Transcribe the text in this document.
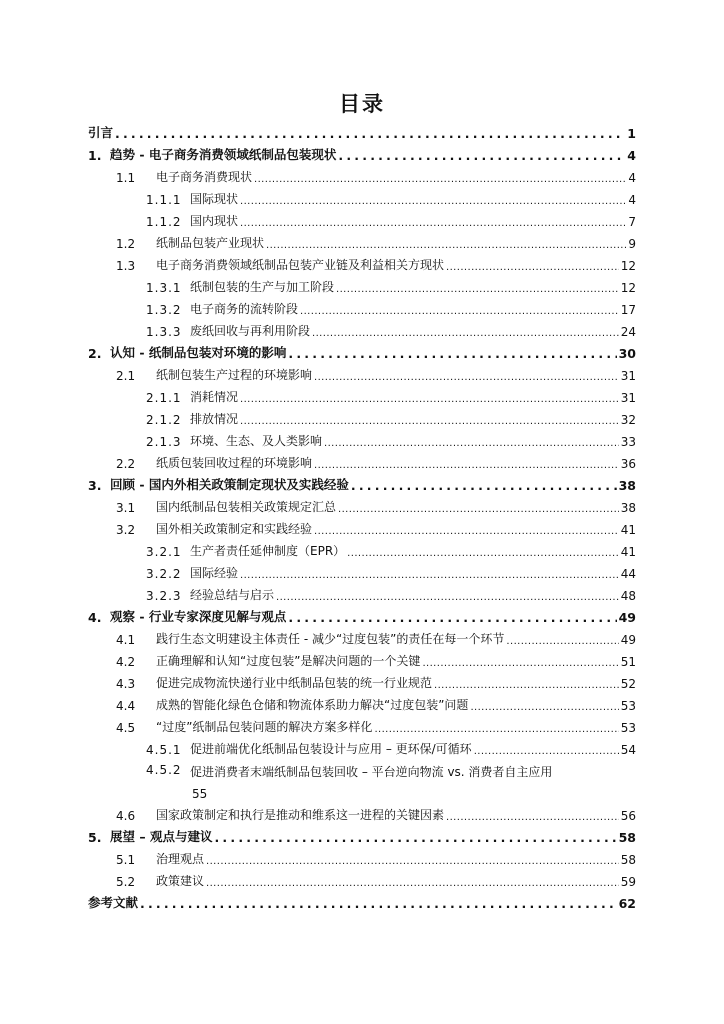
目录
引言 .....	1
1. 趋势 - 电子商务消费领域纸制品包装现状 .....	4
1.1	电子商务消费现状 .....	4
1.1.1 国际现状 .....	4
1.1.2 国内现状 .....	7
1.2	纸制品包装产业现状 .....	9
1.3	电子商务消费领域纸制品包装产业链及利益相关方现状 .....	12
1.3.1 纸制包装的生产与加工阶段 .....	12
1.3.2 电子商务的流转阶段 .....	17
1.3.3 废纸回收与再利用阶段 .....	24
2. 认知 - 纸制品包装对环境的影响 .....	30
2.1	纸制包装生产过程的环境影响 .....	31
2.1.1 消耗情况 .....	31
2.1.2 排放情况 .....	32
2.1.3 环境、生态、及人类影响 .....	33
2.2	纸质包装回收过程的环境影响 .....	36
3. 回顾 - 国内外相关政策制定现状及实践经验 .....	38
3.1	国内纸制品包装相关政策规定汇总 .....	38
3.2	国外相关政策制定和实践经验 .....	41
3.2.1 生产者责任延伸制度（EPR） .....	41
3.2.2 国际经验 .....	44
3.2.3 经验总结与启示 .....	48
4. 观察 - 行业专家深度见解与观点 .....	49
4.1	践行生态文明建设主体责任 - 减少“过度包装”的责任在每一个环节 .....	49
4.2	正确理解和认知“过度包装”是解决问题的一个关键 .....	51
4.3	促进完成物流快递行业中纸制品包装的统一行业规范 .....	52
4.4	成熟的智能化绿色仓储和物流体系助力解决“过度包装”问题 .....	53
4.5	“过度”纸制品包装问题的解决方案多样化 .....	53
4.5.1 促进前端优化纸制品包装设计与应用 – 更环保/可循环 .....	54
4.5.2 促进消费者末端纸制品包装回收 – 平台逆向物流 vs. 消费者自主应用
55
4.6	国家政策制定和执行是推动和维系这一进程的关键因素 .....	56
5. 展望 – 观点与建议 .....	58
5.1	治理观点 .....	58
5.2	政策建议 .....	59
参考文献 .....	62
